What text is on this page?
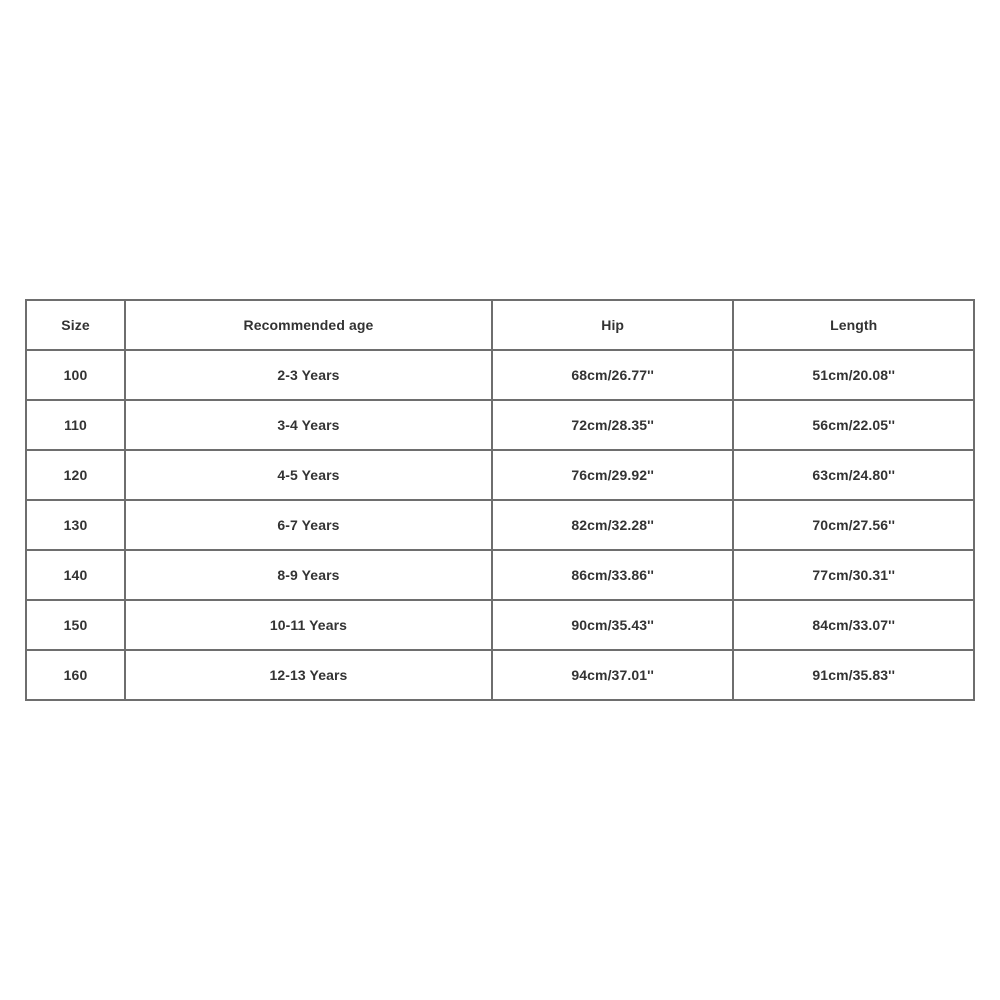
Size	Recommended age	Hip	Length
100	2-3 Years	68cm/26.77''	51cm/20.08''
110	3-4 Years	72cm/28.35''	56cm/22.05''
120	4-5 Years	76cm/29.92''	63cm/24.80''
130	6-7 Years	82cm/32.28''	70cm/27.56''
140	8-9 Years	86cm/33.86''	77cm/30.31''
150	10-11 Years	90cm/35.43''	84cm/33.07''
160	12-13 Years	94cm/37.01''	91cm/35.83''
